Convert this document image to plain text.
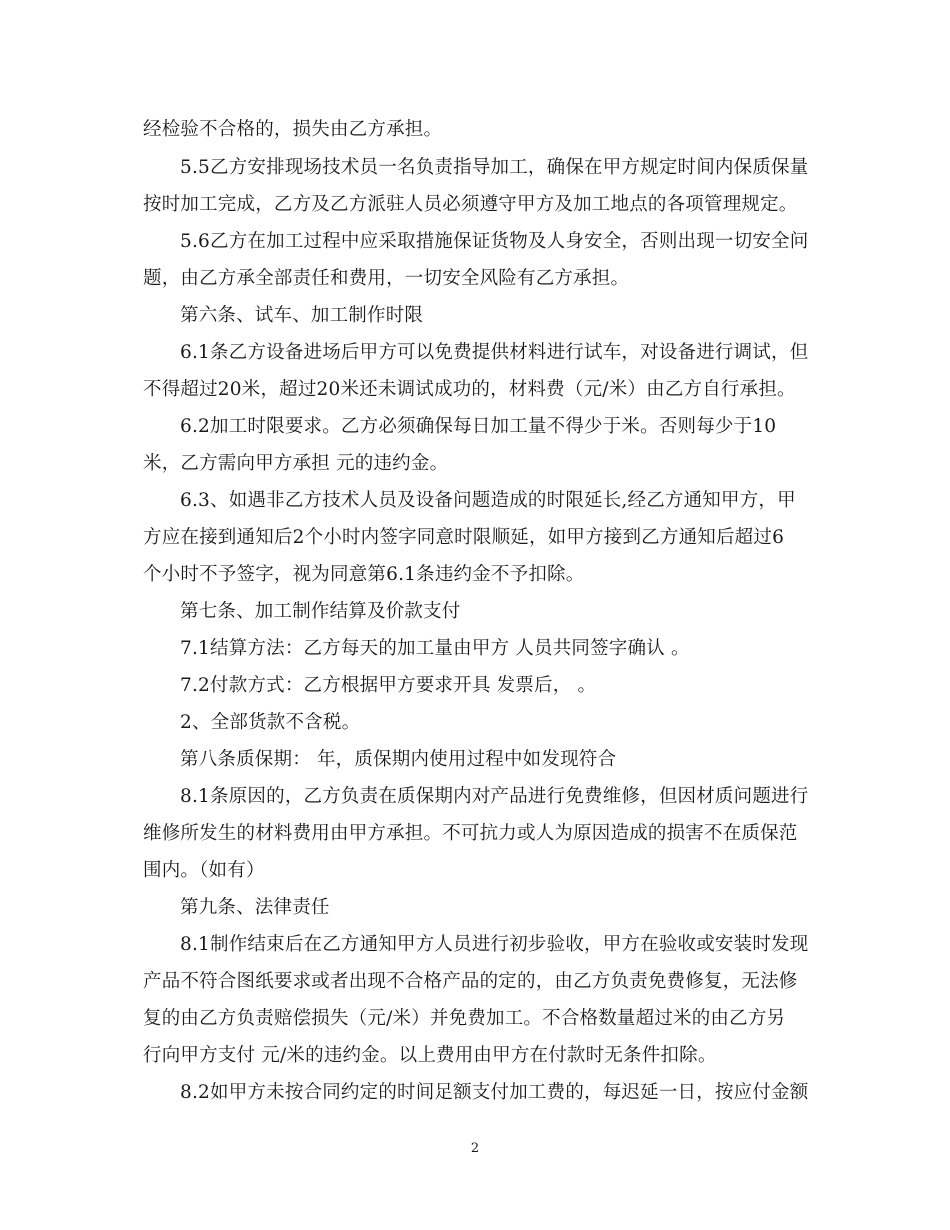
经检验不合格的，损失由乙方承担。
5.5乙方安排现场技术员一名负责指导加工，确保在甲方规定时间内保质保量
按时加工完成，乙方及乙方派驻人员必须遵守甲方及加工地点的各项管理规定。
5.6乙方在加工过程中应采取措施保证货物及人身安全，否则出现一切安全问
题，由乙方承全部责任和费用，一切安全风险有乙方承担。
第六条、试车、加工制作时限
6.1条乙方设备进场后甲方可以免费提供材料进行试车，对设备进行调试，但
不得超过20米，超过20米还未调试成功的，材料费（元/米）由乙方自行承担。
6.2加工时限要求。乙方必须确保每日加工量不得少于米。否则每少于10
米，乙方需向甲方承担 元的违约金。
6.3、如遇非乙方技术人员及设备问题造成的时限延长,经乙方通知甲方，甲
方应在接到通知后2个小时内签字同意时限顺延，如甲方接到乙方通知后超过6
个小时不予签字，视为同意第6.1条违约金不予扣除。
第七条、加工制作结算及价款支付
7.1结算方法：乙方每天的加工量由甲方 人员共同签字确认 。
7.2付款方式：乙方根据甲方要求开具 发票后， 。
2、全部货款不含税。
第八条质保期： 年，质保期内使用过程中如发现符合
8.1条原因的，乙方负责在质保期内对产品进行免费维修，但因材质问题进行
维修所发生的材料费用由甲方承担。不可抗力或人为原因造成的损害不在质保范
围内。（如有）
第九条、法律责任
8.1制作结束后在乙方通知甲方人员进行初步验收，甲方在验收或安装时发现
产品不符合图纸要求或者出现不合格产品的定的，由乙方负责免费修复，无法修
复的由乙方负责赔偿损失（元/米）并免费加工。不合格数量超过米的由乙方另
行向甲方支付 元/米的违约金。以上费用由甲方在付款时无条件扣除。
8.2如甲方未按合同约定的时间足额支付加工费的，每迟延一日，按应付金额
2
